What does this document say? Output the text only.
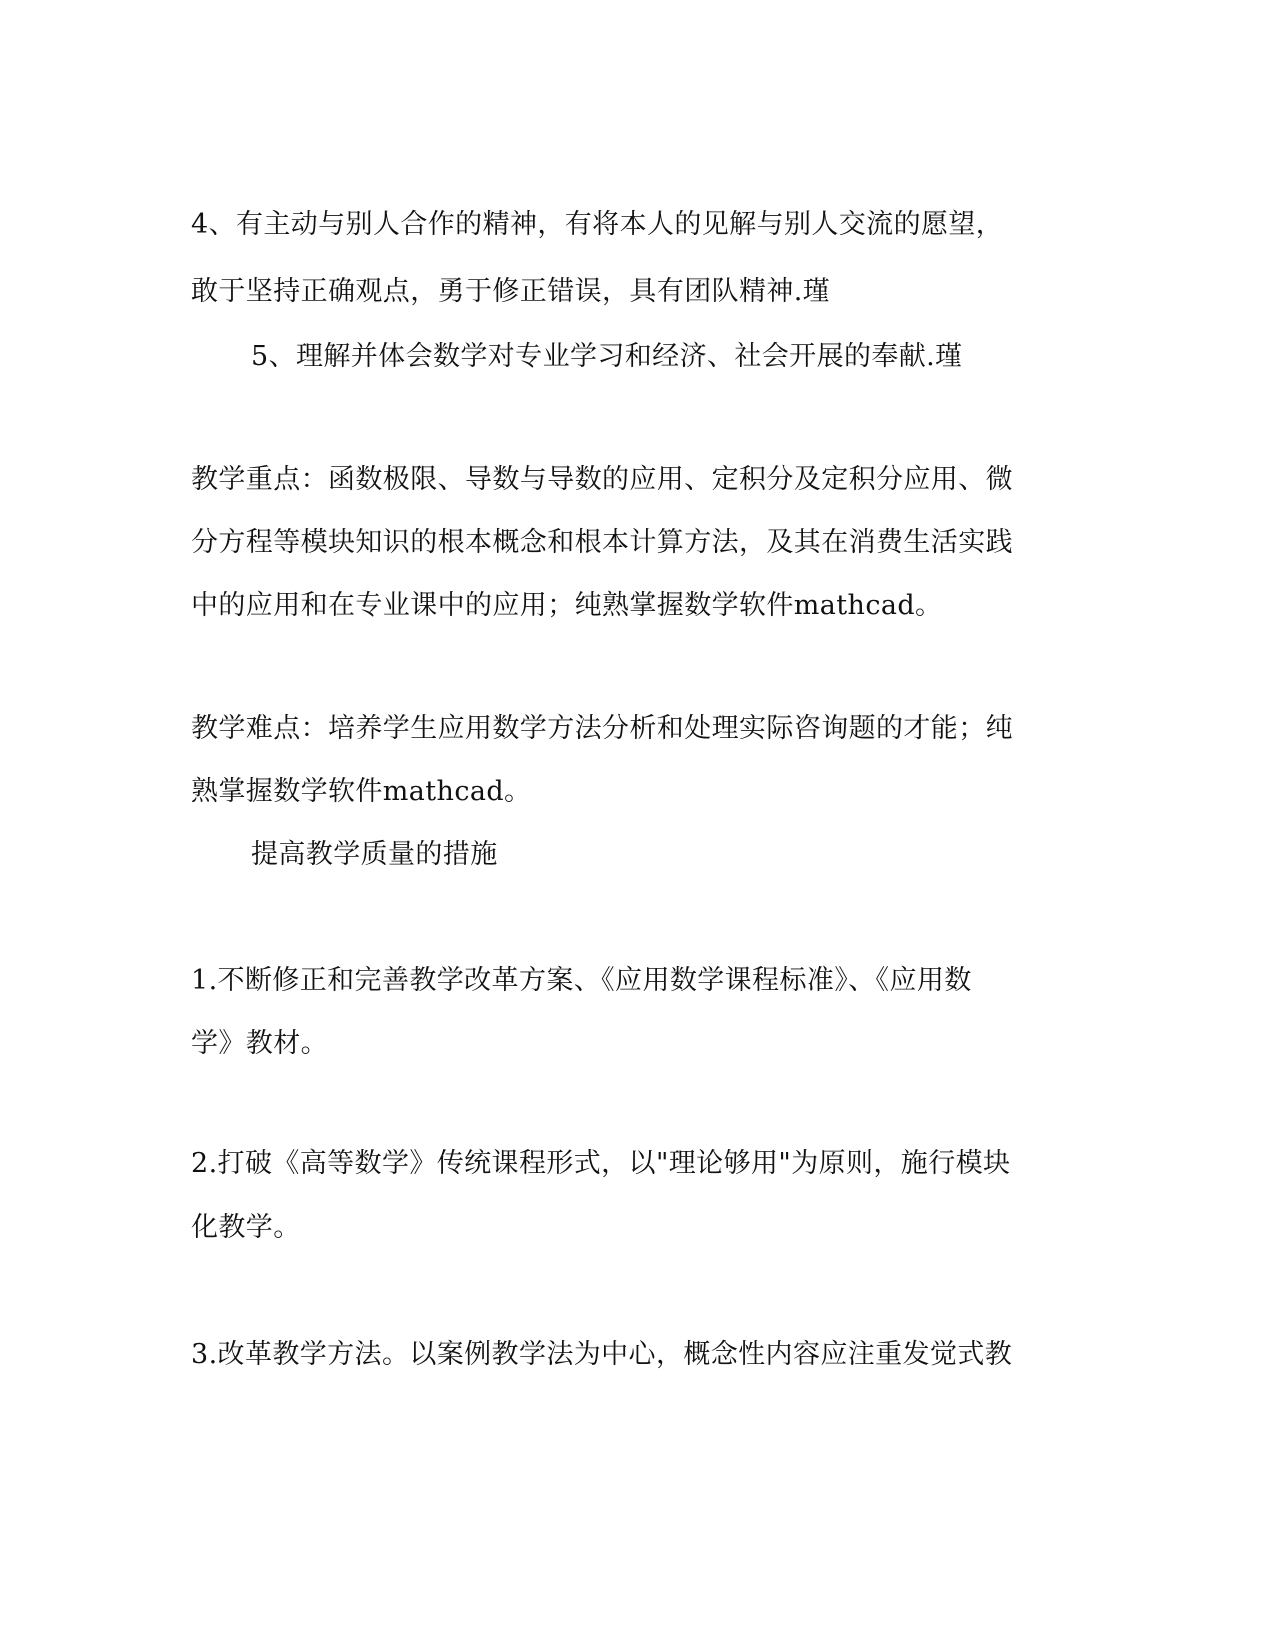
4、有主动与别人合作的精神，有将本人的见解与别人交流的愿望，
敢于坚持正确观点，勇于修正错误，具有团队精神.瑾
5、理解并体会数学对专业学习和经济、社会开展的奉献.瑾
教学重点：函数极限、导数与导数的应用、定积分及定积分应用、微
分方程等模块知识的根本概念和根本计算方法，及其在消费生活实践
中的应用和在专业课中的应用；纯熟掌握数学软件mathcad。
教学难点：培养学生应用数学方法分析和处理实际咨询题的才能；纯
熟掌握数学软件mathcad。
提高教学质量的措施
1.不断修正和完善教学改革方案、《应用数学课程标准》、《应用数
学》教材。
2.打破《高等数学》传统课程形式，以"理论够用"为原则，施行模块
化教学。
3.改革教学方法。以案例教学法为中心，概念性内容应注重发觉式教
